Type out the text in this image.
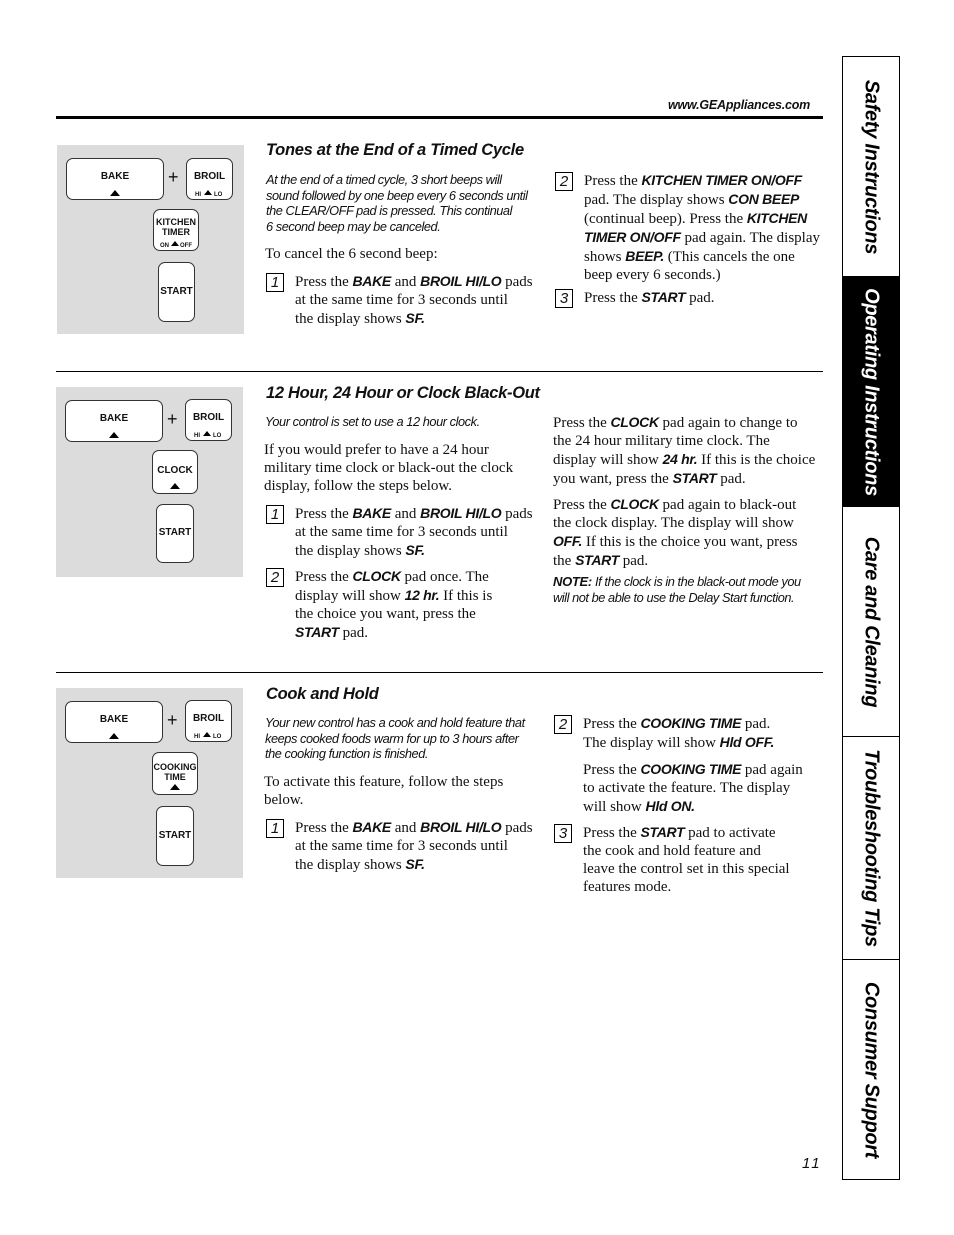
www.GEAppliances.com	Safety Instructions
Operating Instructions
Care and Cleaning
Troubleshooting Tips
Consumer Support
BAKE	+	BROIL
HI LO
KITCHEN
TIMER
ON OFF
START
Tones at the End of a Timed Cycle
At the end of a timed cycle, 3 short beeps will
sound followed by one beep every 6 seconds until
the CLEAR/OFF pad is pressed. This continual
6 second beep may be canceled.
To cancel the 6 second beep:
1	Press the BAKE and BROIL HI/LO pads
at the same time for 3 seconds until
the display shows SF.
2	Press the KITCHEN TIMER ON/OFF
pad. The display shows CON BEEP
(continual beep). Press the KITCHEN
TIMER ON/OFF pad again. The display
shows BEEP. (This cancels the one
beep every 6 seconds.)
3	Press the START pad.
BAKE	+	BROIL
HI LO
CLOCK
START
12 Hour, 24 Hour or Clock Black-Out
Your control is set to use a 12 hour clock.
If you would prefer to have a 24 hour
military time clock or black-out the clock
display, follow the steps below.
1	Press the BAKE and BROIL HI/LO pads
at the same time for 3 seconds until
the display shows SF.
2	Press the CLOCK pad once. The
display will show 12 hr. If this is
the choice you want, press the
START pad.
Press the CLOCK pad again to change to
the 24 hour military time clock. The
display will show 24 hr. If this is the choice
you want, press the START pad.
Press the CLOCK pad again to black-out
the clock display. The display will show
OFF. If this is the choice you want, press
the START pad.
NOTE: If the clock is in the black-out mode you
will not be able to use the Delay Start function.
BAKE	+	BROIL
HI LO
COOKING
TIME
START
Cook and Hold
Your new control has a cook and hold feature that
keeps cooked foods warm for up to 3 hours after
the cooking function is finished.
To activate this feature, follow the steps
below.
1	Press the BAKE and BROIL HI/LO pads
at the same time for 3 seconds until
the display shows SF.
2	Press the COOKING TIME pad.
The display will show Hld OFF.
Press the COOKING TIME pad again
to activate the feature. The display
will show Hld ON.
3	Press the START pad to activate
the cook and hold feature and
leave the control set in this special
features mode.
11
